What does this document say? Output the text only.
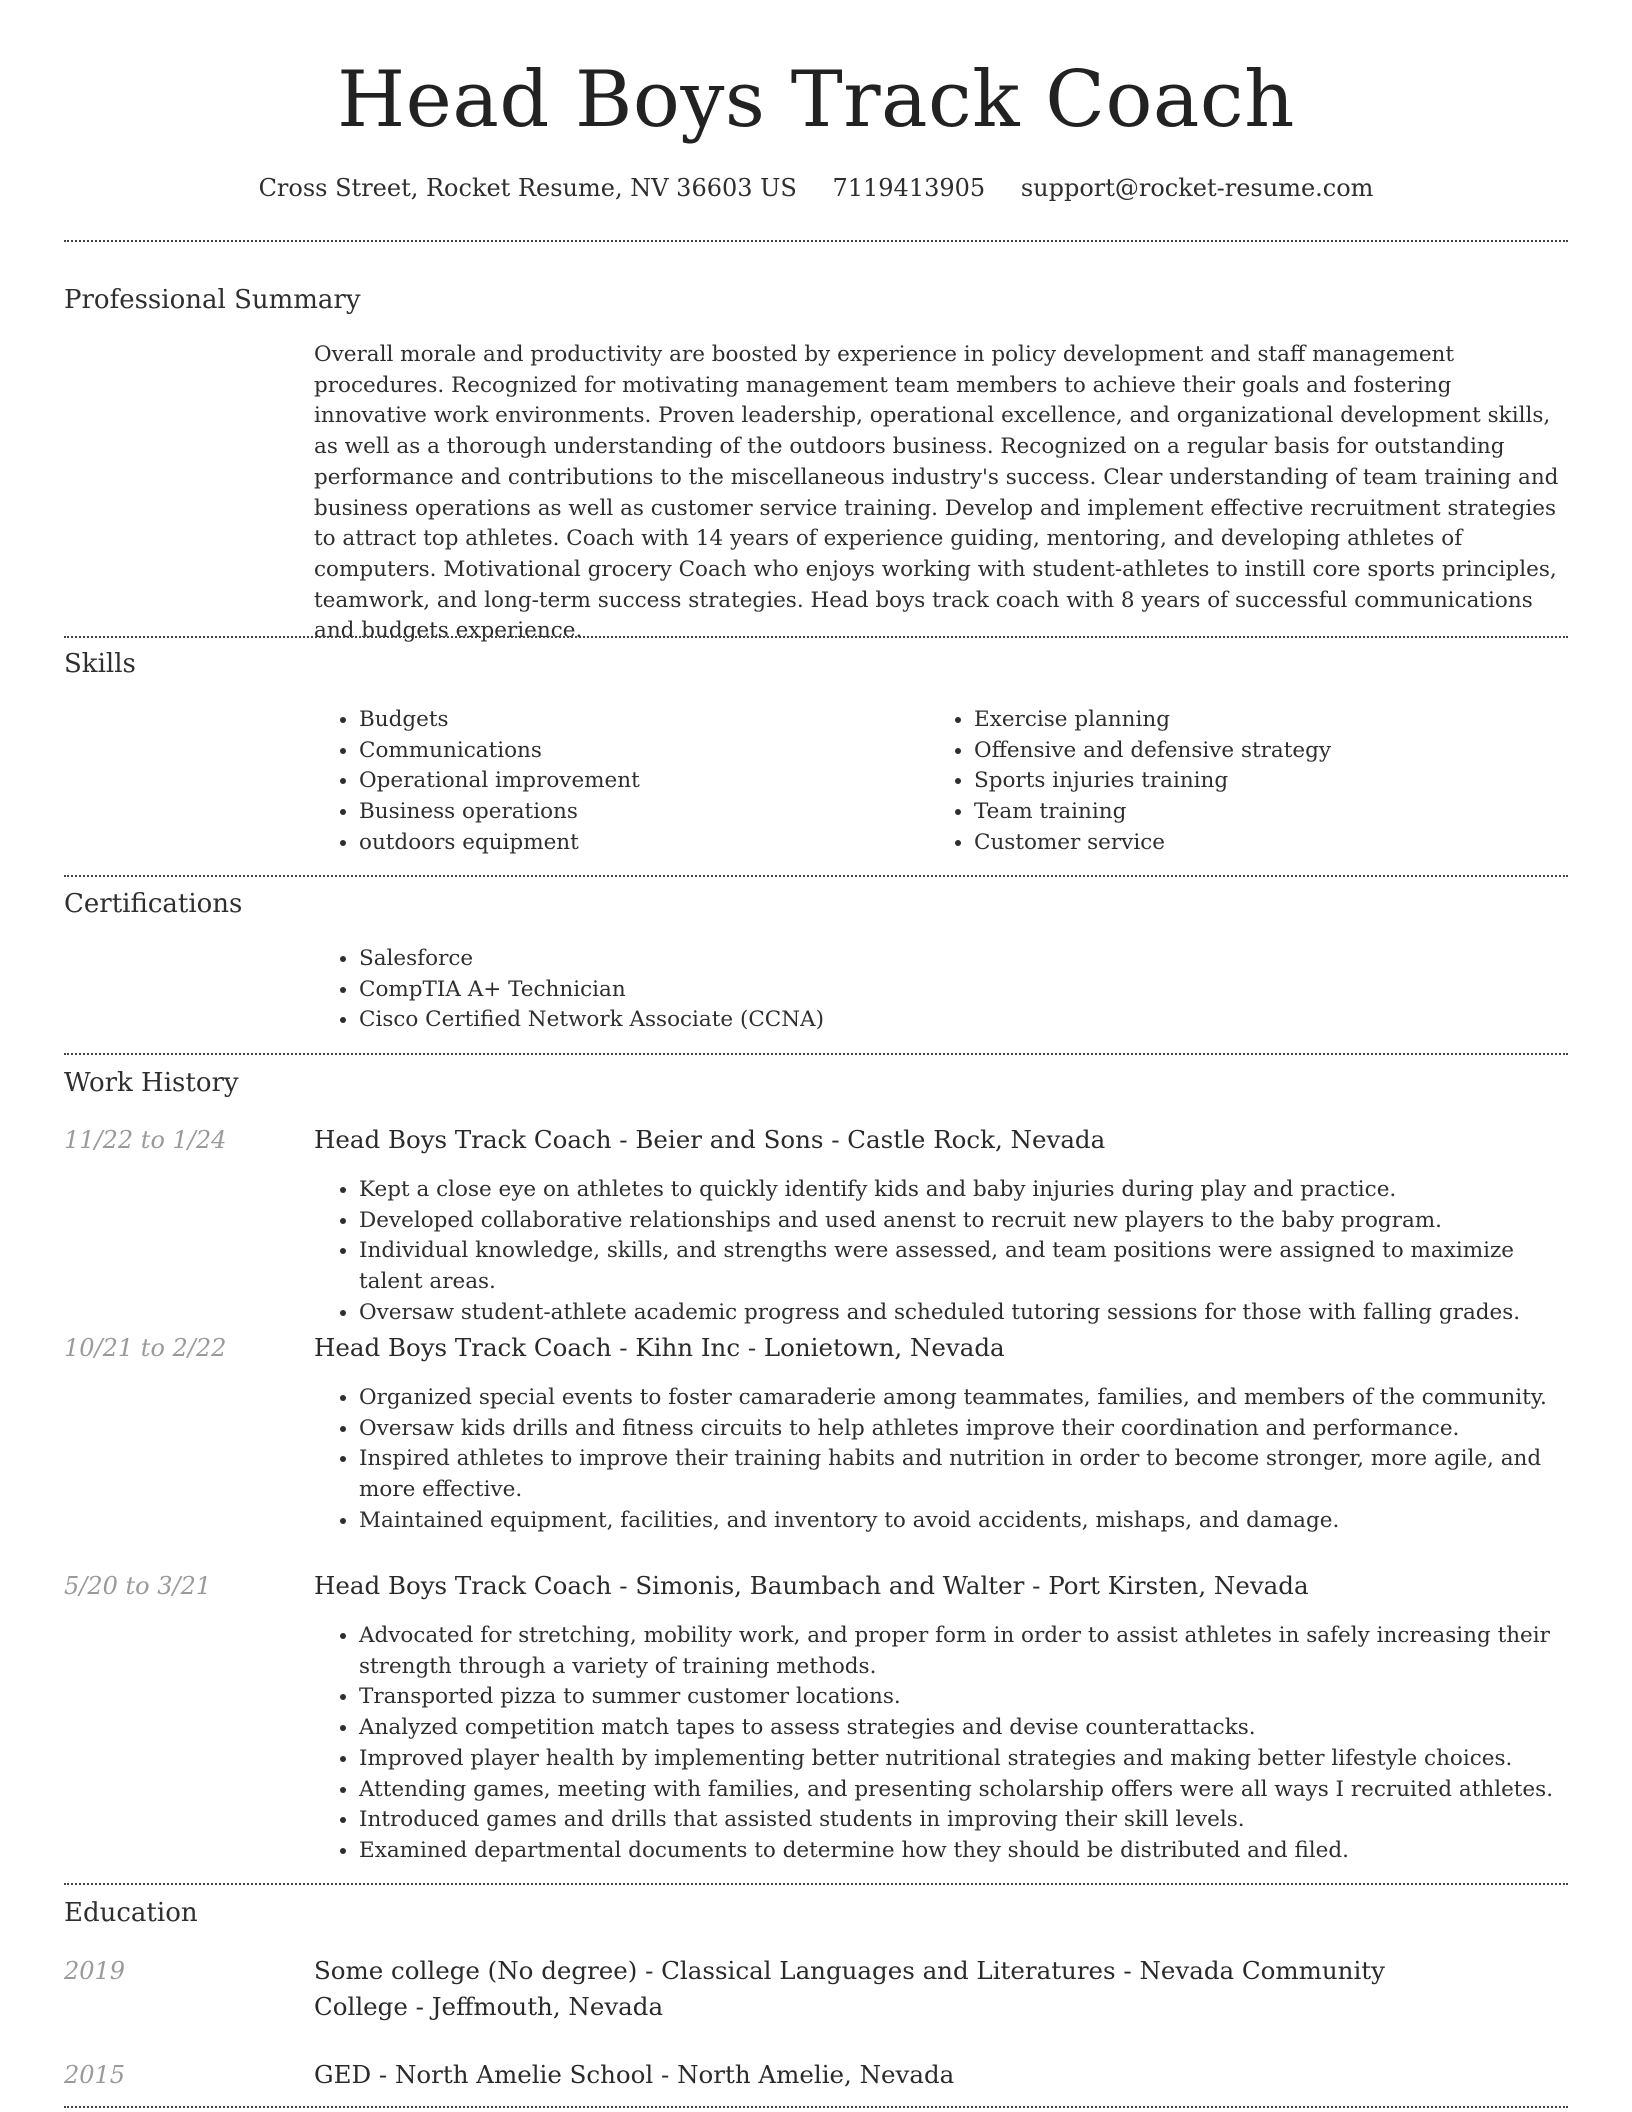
Head Boys Track Coach
Cross Street, Rocket Resume, NV 36603 US 7119413905 support@rocket-resume.com
Professional Summary

Overall morale and productivity are boosted by experience in policy development and staff management procedures. Recognized for motivating management team members to achieve their goals and fostering innovative work environments. Proven leadership, operational excellence, and organizational development skills, as well as a thorough understanding of the outdoors business. Recognized on a regular basis for outstanding performance and contributions to the miscellaneous industry's success. Clear understanding of team training and business operations as well as customer service training. Develop and implement effective recruitment strategies to attract top athletes. Coach with 14 years of experience guiding, mentoring, and developing athletes of computers. Motivational grocery Coach who enjoys working with student-athletes to instill core sports principles, teamwork, and long-term success strategies. Head boys track coach with 8 years of successful communications and budgets experience.

Skills
• Budgets
• Communications
• Operational improvement
• Business operations
• outdoors equipment
• Exercise planning
• Offensive and defensive strategy
• Sports injuries training
• Team training
• Customer service
Certifications
• Salesforce
• CompTIA A+ Technician
• Cisco Certified Network Associate (CCNA)
Work History
11/22 to 1/24	Head Boys Track Coach - Beier and Sons - Castle Rock, Nevada
• Kept a close eye on athletes to quickly identify kids and baby injuries during play and practice.
• Developed collaborative relationships and used anenst to recruit new players to the baby program.
• Individual knowledge, skills, and strengths were assessed, and team positions were assigned to maximize talent areas.
• Oversaw student-athlete academic progress and scheduled tutoring sessions for those with falling grades.
10/21 to 2/22	Head Boys Track Coach - Kihn Inc - Lonietown, Nevada
• Organized special events to foster camaraderie among teammates, families, and members of the community.
• Oversaw kids drills and fitness circuits to help athletes improve their coordination and performance.
• Inspired athletes to improve their training habits and nutrition in order to become stronger, more agile, and more effective.
• Maintained equipment, facilities, and inventory to avoid accidents, mishaps, and damage.
5/20 to 3/21	Head Boys Track Coach - Simonis, Baumbach and Walter - Port Kirsten, Nevada
• Advocated for stretching, mobility work, and proper form in order to assist athletes in safely increasing their strength through a variety of training methods.
• Transported pizza to summer customer locations.
• Analyzed competition match tapes to assess strategies and devise counterattacks.
• Improved player health by implementing better nutritional strategies and making better lifestyle choices.
• Attending games, meeting with families, and presenting scholarship offers were all ways I recruited athletes.
• Introduced games and drills that assisted students in improving their skill levels.
• Examined departmental documents to determine how they should be distributed and filed.
Education
2019	Some college (No degree) - Classical Languages and Literatures - Nevada Community College - Jeffmouth, Nevada
2015	GED - North Amelie School - North Amelie, Nevada
